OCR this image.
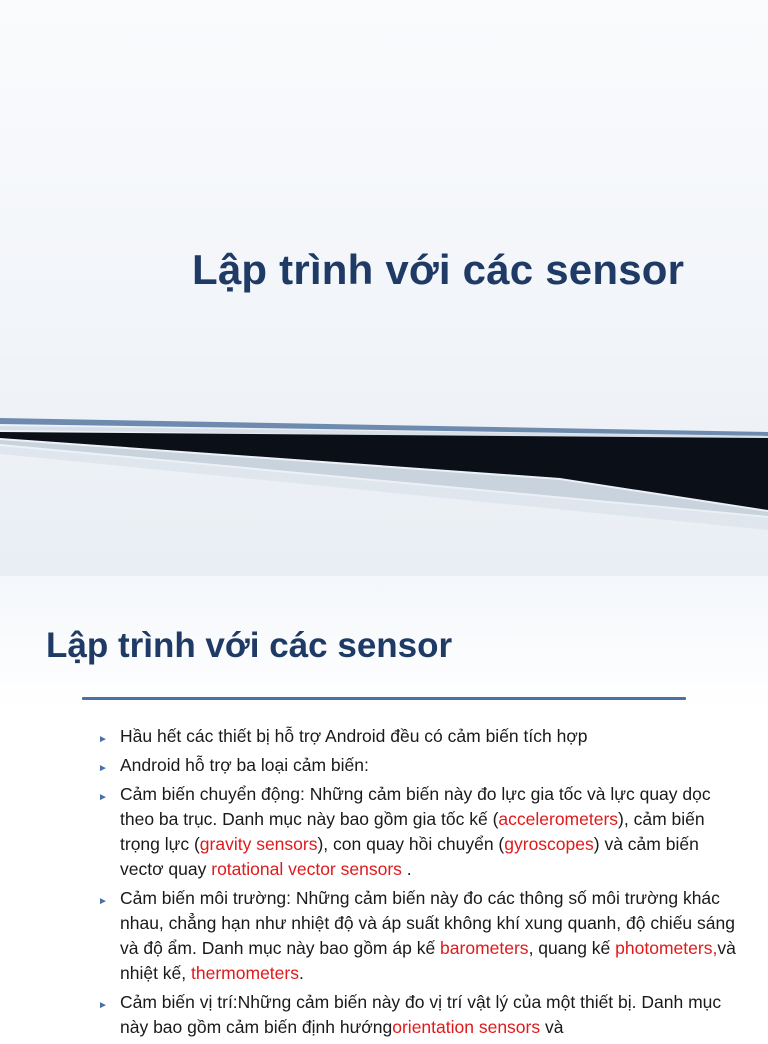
Lập trình với các sensor
Lập trình với các sensor
► Hầu hết các thiết bị hỗ trợ Android đều có cảm biến tích hợp
► Android hỗ trợ ba loại cảm biến:
► Cảm biến chuyển động: Những cảm biến này đo lực gia tốc và lực quay dọc theo ba trục. Danh mục này bao gồm gia tốc kế (accelerometers), cảm biến trọng lực (gravity sensors), con quay hồi chuyển (gyroscopes) và cảm biến vectơ quay rotational vector sensors .
► Cảm biến môi trường: Những cảm biến này đo các thông số môi trường khác nhau, chẳng hạn như nhiệt độ và áp suất không khí xung quanh, độ chiếu sáng và độ ẩm. Danh mục này bao gồm áp kế barometers, quang kế photometers,và nhiệt kế, thermometers.
► Cảm biến vị trí:Những cảm biến này đo vị trí vật lý của một thiết bị. Danh mục này bao gồm cảm biến định hướngorientation sensors và
